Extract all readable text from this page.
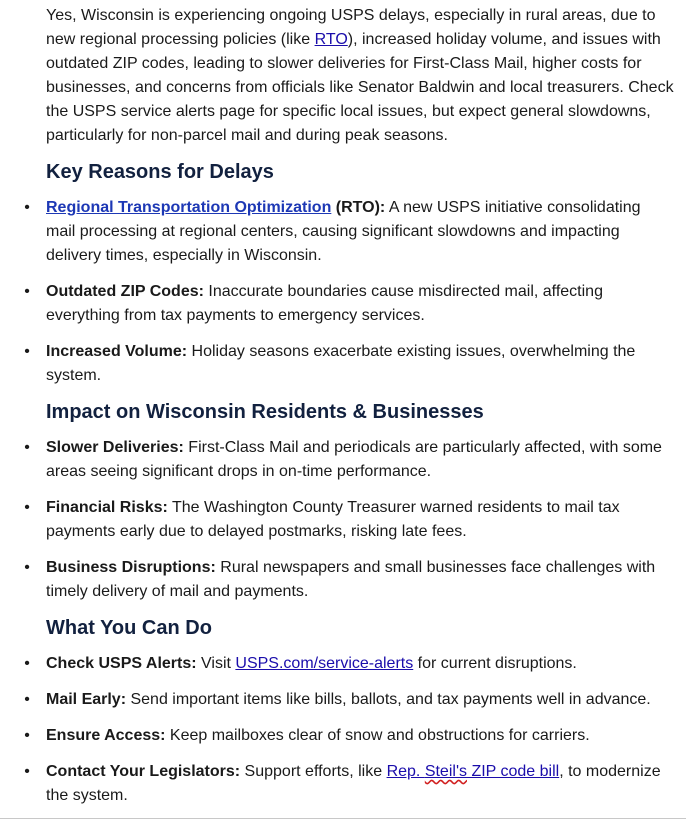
Yes, Wisconsin is experiencing ongoing USPS delays, especially in rural areas, due to new regional processing policies (like RTO), increased holiday volume, and issues with outdated ZIP codes, leading to slower deliveries for First-Class Mail, higher costs for businesses, and concerns from officials like Senator Baldwin and local treasurers. Check the USPS service alerts page for specific local issues, but expect general slowdowns, particularly for non-parcel mail and during peak seasons.

Key Reasons for Delays
• Regional Transportation Optimization (RTO): A new USPS initiative consolidating mail processing at regional centers, causing significant slowdowns and impacting delivery times, especially in Wisconsin.
• Outdated ZIP Codes: Inaccurate boundaries cause misdirected mail, affecting everything from tax payments to emergency services.
• Increased Volume: Holiday seasons exacerbate existing issues, overwhelming the system.
Impact on Wisconsin Residents & Businesses
• Slower Deliveries: First-Class Mail and periodicals are particularly affected, with some areas seeing significant drops in on-time performance.
• Financial Risks: The Washington County Treasurer warned residents to mail tax payments early due to delayed postmarks, risking late fees.
• Business Disruptions: Rural newspapers and small businesses face challenges with timely delivery of mail and payments.
What You Can Do
• Check USPS Alerts: Visit USPS.com/service-alerts for current disruptions.
• Mail Early: Send important items like bills, ballots, and tax payments well in advance.
• Ensure Access: Keep mailboxes clear of snow and obstructions for carriers.
• Contact Your Legislators: Support efforts, like Rep. Steil's ZIP code bill, to modernize the system.
